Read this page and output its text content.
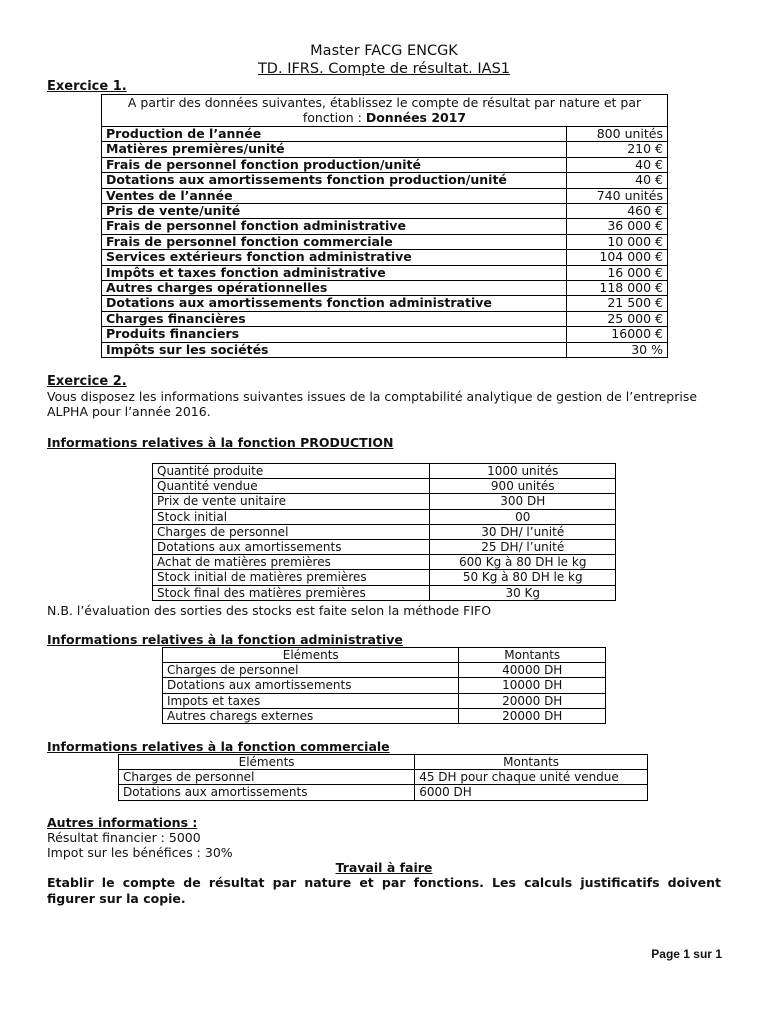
Master FACG ENCGK
TD. IFRS. Compte de résultat. IAS1
Exercice 1.
A partir des données suivantes, établissez le compte de résultat par nature et par fonction : Données 2017	
Production de l’année	800 unités
Matières premières/unité	210 €
Frais de personnel fonction production/unité	40 €
Dotations aux amortissements fonction production/unité	40 €
Ventes de l’année	740 unités
Pris de vente/unité	460 €
Frais de personnel fonction administrative	36 000 €
Frais de personnel fonction commerciale	10 000 €
Services extérieurs fonction administrative	104 000 €
Impôts et taxes fonction administrative	16 000 €
Autres charges opérationnelles	118 000 €
Dotations aux amortissements fonction administrative	21 500 €
Charges financières	25 000 €
Produits financiers	16000 €
Impôts sur les sociétés	30 %
Exercice 2.
Vous disposez les informations suivantes issues de la comptabilité analytique de gestion de l’entreprise ALPHA pour l’année 2016.
Informations relatives à la fonction PRODUCTION
Quantité produite	1000 unités
Quantité vendue	900 unités
Prix de vente unitaire	300 DH
Stock initial	00
Charges de personnel	30 DH/ l’unité
Dotations aux amortissements	25 DH/ l’unité
Achat de matières premières	600 Kg à 80 DH le kg
Stock initial de matières premières	50 Kg à 80 DH le kg
Stock final des matières premières	30 Kg
N.B. l’évaluation des sorties des stocks est faite selon la méthode FIFO
Informations relatives à la fonction administrative
Eléments	Montants
Charges de personnel	40000 DH
Dotations aux amortissements	10000 DH
Impots et taxes	20000 DH
Autres charegs externes	20000 DH
Informations relatives à la fonction commerciale
Eléments	Montants
Charges de personnel	45 DH pour chaque unité vendue
Dotations aux amortissements	6000 DH
Autres informations :
Résultat financier : 5000
Impot sur les bénéfices : 30%
Travail à faire
Etablir le compte de résultat par nature et par fonctions. Les calculs justificatifs doivent figurer sur la copie.
Page 1 sur 1
